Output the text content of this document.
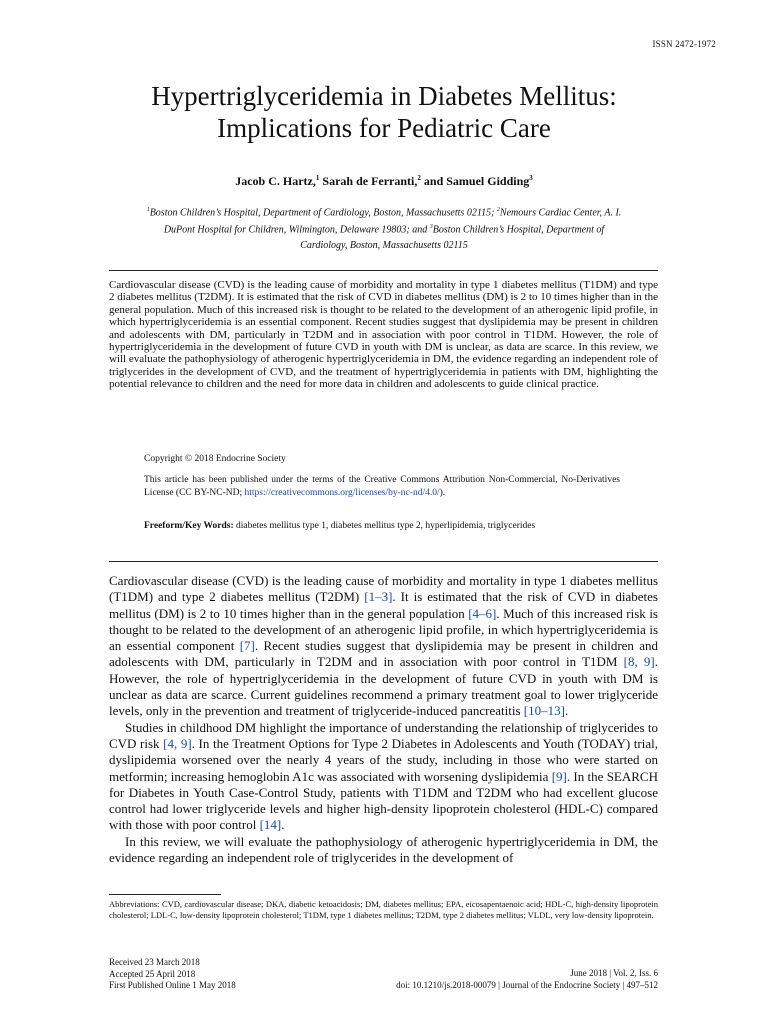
ISSN 2472-1972
Hypertriglyceridemia in Diabetes Mellitus:
Implications for Pediatric Care
Jacob C. Hartz,$^1$ Sarah de Ferranti,$^2$ and Samuel Gidding$^3$
$^1$Boston Children’s Hospital, Department of Cardiology, Boston, Massachusetts 02115; $^2$Nemours Cardiac Center, A. I. DuPont Hospital for Children, Wilmington, Delaware 19803; and $^3$Boston Children’s Hospital, Department of Cardiology, Boston, Massachusetts 02115
Cardiovascular disease (CVD) is the leading cause of morbidity and mortality in type 1 diabetes mellitus (T1DM) and type 2 diabetes mellitus (T2DM). It is estimated that the risk of CVD in diabetes mellitus (DM) is 2 to 10 times higher than in the general population. Much of this increased risk is thought to be related to the development of an atherogenic lipid profile, in which hypertriglyceridemia is an essential component. Recent studies suggest that dyslipidemia may be present in children and adolescents with DM, particularly in T2DM and in association with poor control in T1DM. However, the role of hypertriglyceridemia in the development of future CVD in youth with DM is unclear, as data are scarce. In this review, we will evaluate the pathophysiology of atherogenic hypertriglyceridemia in DM, the evidence regarding an independent role of triglycerides in the development of CVD, and the treatment of hypertriglyceridemia in patients with DM, highlighting the potential relevance to children and the need for more data in children and adolescents to guide clinical practice.
Copyright © 2018 Endocrine Society
This article has been published under the terms of the Creative Commons Attribution Non-Commercial, No-Derivatives License (CC BY-NC-ND; https://creativecommons.org/licenses/by-nc-nd/4.0/).
Freeform/Key Words: diabetes mellitus type 1, diabetes mellitus type 2, hyperlipidemia, triglycerides

Cardiovascular disease (CVD) is the leading cause of morbidity and mortality in type 1 diabetes mellitus (T1DM) and type 2 diabetes mellitus (T2DM) [1–3]. It is estimated that the risk of CVD in diabetes mellitus (DM) is 2 to 10 times higher than in the general population [4–6]. Much of this increased risk is thought to be related to the development of an atherogenic lipid profile, in which hypertriglyceridemia is an essential component [7]. Recent studies suggest that dyslipidemia may be present in children and adolescents with DM, particularly in T2DM and in association with poor control in T1DM [8, 9]. However, the role of hypertriglyceridemia in the development of future CVD in youth with DM is unclear as data are scarce. Current guidelines recommend a primary treatment goal to lower triglyceride levels, only in the prevention and treatment of triglyceride-induced pancreatitis [10–13].

Studies in childhood DM highlight the importance of understanding the relationship of triglycerides to CVD risk [4, 9]. In the Treatment Options for Type 2 Diabetes in Adolescents and Youth (TODAY) trial, dyslipidemia worsened over the nearly 4 years of the study, including in those who were started on metformin; increasing hemoglobin A1c was associated with worsening dyslipidemia [9]. In the SEARCH for Diabetes in Youth Case-Control Study, patients with T1DM and T2DM who had excellent glucose control had lower triglyceride levels and higher high-density lipoprotein cholesterol (HDL-C) compared with those with poor control [14].

In this review, we will evaluate the pathophysiology of atherogenic hypertriglyceridemia in DM, the evidence regarding an independent role of triglycerides in the development of

Abbreviations: CVD, cardiovascular disease; DKA, diabetic ketoacidosis; DM, diabetes mellitus; EPA, eicosapentaenoic acid; HDL-C, high-density lipoprotein cholesterol; LDL-C, low-density lipoprotein cholesterol; T1DM, type 1 diabetes mellitus; T2DM, type 2 diabetes mellitus; VLDL, very low-density lipoprotein.
Received 23 March 2018
Accepted 25 April 2018
First Published Online 1 May 2018
June 2018 | Vol. 2, Iss. 6
doi: 10.1210/js.2018-00079 | Journal of the Endocrine Society | 497–512
